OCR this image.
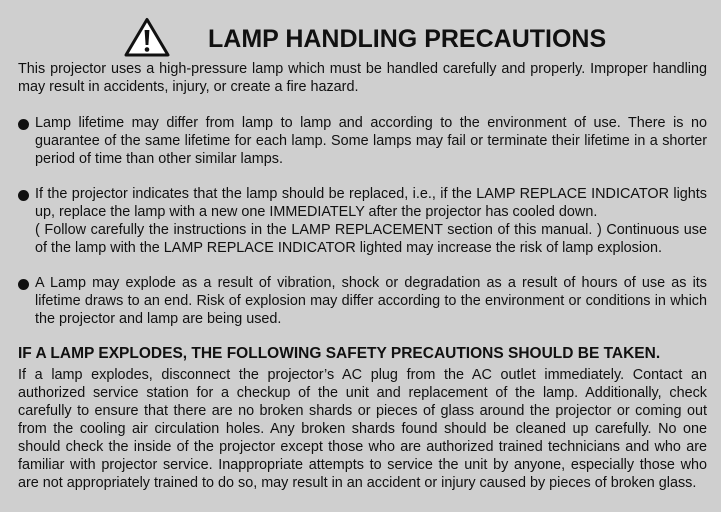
LAMP HANDLING PRECAUTIONS

This projector uses a high-pressure lamp which must be handled carefully and properly. Improper handling may result in accidents, injury, or create a fire hazard.

Lamp lifetime may differ from lamp to lamp and according to the environment of use. There is no guarantee of the same lifetime for each lamp. Some lamps may fail or terminate their lifetime in a shorter period of time than other similar lamps.

If the projector indicates that the lamp should be replaced, i.e., if the LAMP REPLACE INDICATOR lights up, replace the lamp with a new one IMMEDIATELY after the projector has cooled down.

( Follow carefully the instructions in the LAMP REPLACEMENT section of this manual. ) Continuous use of the lamp with the LAMP REPLACE INDICATOR lighted may increase the risk of lamp explosion.

A Lamp may explode as a result of vibration, shock or degradation as a result of hours of use as its lifetime draws to an end. Risk of explosion may differ according to the environment or conditions in which the projector and lamp are being used.

IF A LAMP EXPLODES, THE FOLLOWING SAFETY PRECAUTIONS SHOULD BE TAKEN.

If a lamp explodes, disconnect the projector’s AC plug from the AC outlet immediately. Contact an authorized service station for a checkup of the unit and replacement of the lamp. Additionally, check carefully to ensure that there are no broken shards or pieces of glass around the projector or coming out from the cooling air circulation holes. Any broken shards found should be cleaned up carefully. No one should check the inside of the projector except those who are authorized trained technicians and who are familiar with projector service. Inappropriate attempts to service the unit by anyone, especially those who are not appropriately trained to do so, may result in an accident or injury caused by pieces of broken glass.
